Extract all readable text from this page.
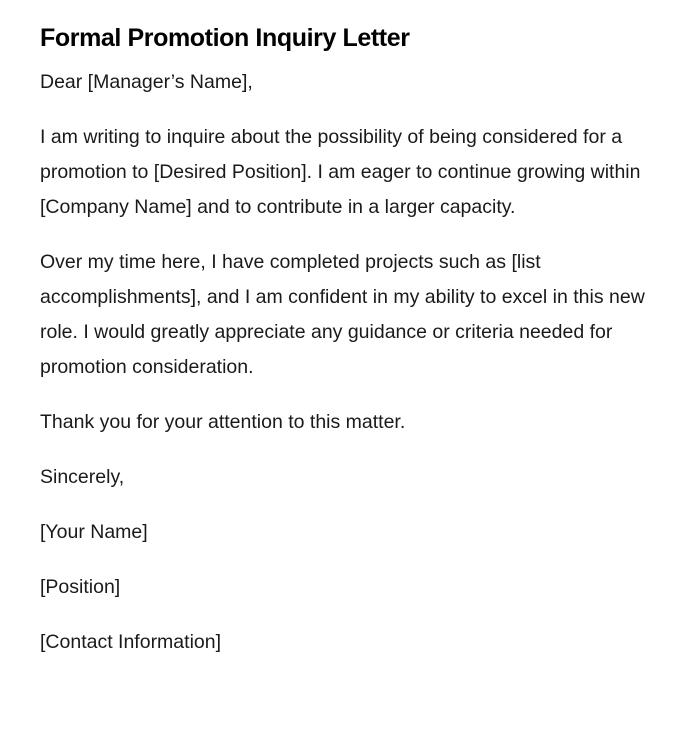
Formal Promotion Inquiry Letter

Dear [Manager’s Name],

I am writing to inquire about the possibility of being considered for a promotion to [Desired Position]. I am eager to continue growing within [Company Name] and to contribute in a larger capacity.

Over my time here, I have completed projects such as [list accomplishments], and I am confident in my ability to excel in this new role. I would greatly appreciate any guidance or criteria needed for promotion consideration.

Thank you for your attention to this matter.

Sincerely,

[Your Name]

[Position]

[Contact Information]
